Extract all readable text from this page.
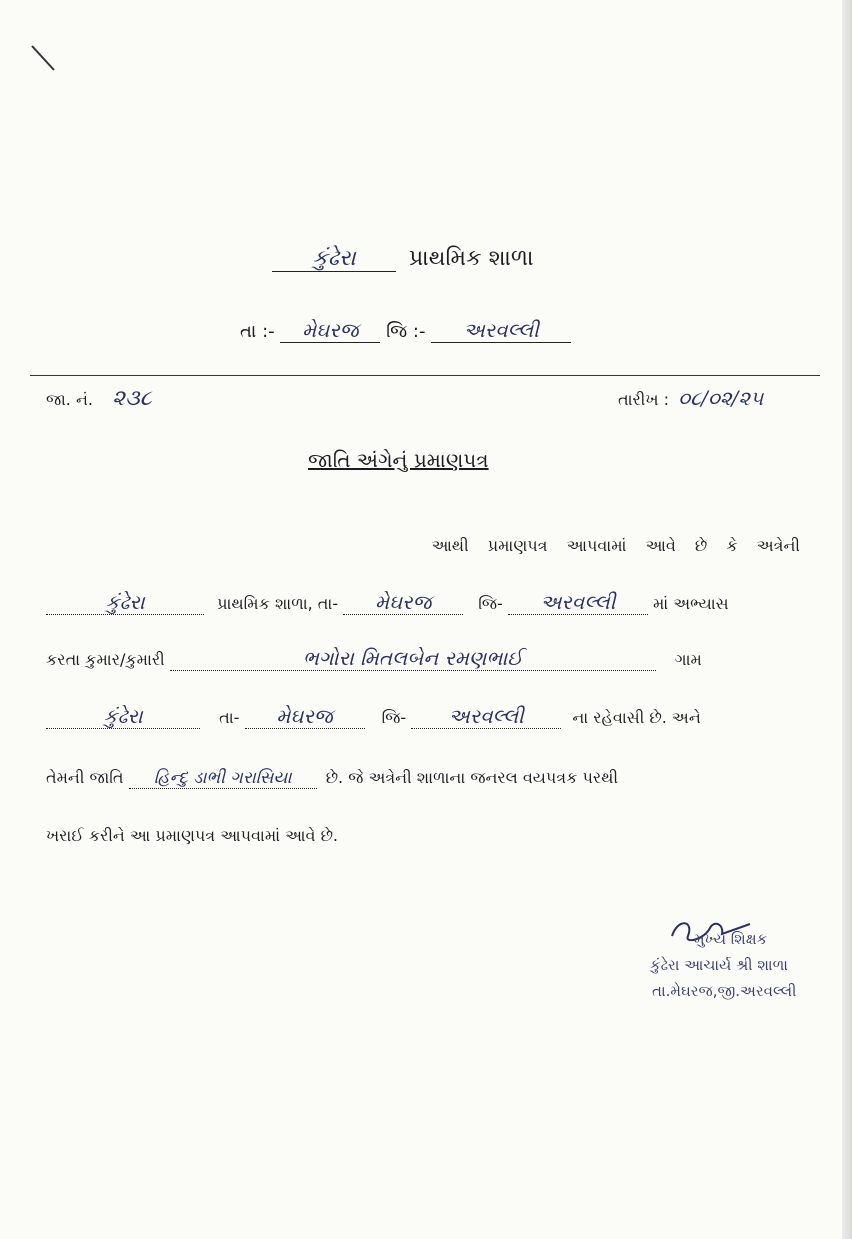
કુંઢેરા પ્રાથમિક શાળા
તા :- મેઘરજ જિ :- અરવલ્લી
જા. નં. ૨૩૮	તારીખ : ૦૮/૦૨/૨૫
જાતિ અંગેનું પ્રમાણપત્ર
આથી પ્રમાણપત્ર આપવામાં આવે છે કે અત્રેની
કુંઢેરા	પ્રાથમિક શાળા, તા- મેઘરજ	જિ- અરવલ્લી માં અભ્યાસ
કરતા કુમાર/કુમારી	ભગોરા મિતલબેન રમણભાઈ	ગામ
કુંઢેરા	તા- મેઘરજ	જિ- અરવલ્લી	ના રહેવાસી છે. અને
તેમની જાતિ હિન્દુ ડાભી ગરાસિયા છે. જે અત્રેની શાળાના જનરલ વયપત્રક પરથી
ખરાઈ કરીને આ પ્રમાણપત્ર આપવામાં આવે છે.
મુખ્ય શિક્ષક
કુંઢેરા આચાર્ય શ્રી શાળા
તા.મેઘરજ,જી.અરવલ્લી
